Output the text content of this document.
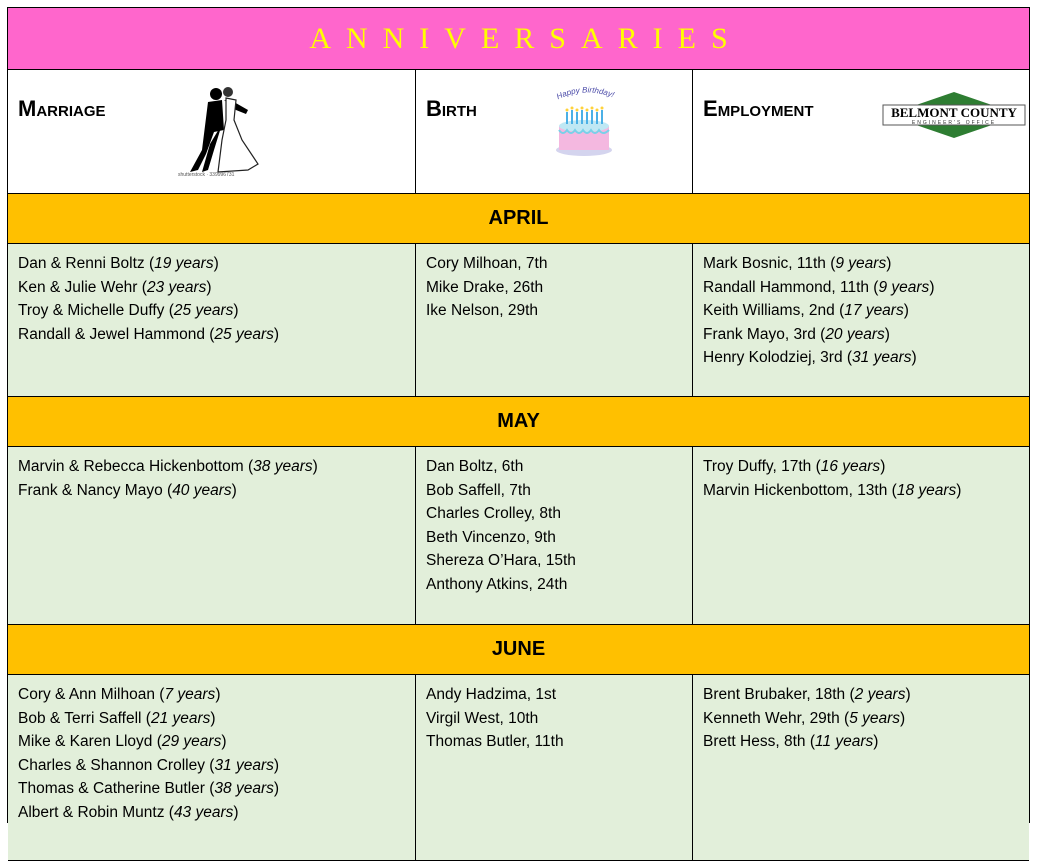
ANNIVERSARIES
Marriage
shutterstock · 339996731
Birth
Happy Birthday!
Employment	BELMONT COUNTY
ENGINEER'S OFFICE
APRIL
Dan & Renni Boltz (19 years)
Ken & Julie Wehr (23 years)
Troy & Michelle Duffy (25 years)
Randall & Jewel Hammond (25 years)
Cory Milhoan, 7th
Mike Drake, 26th
Ike Nelson, 29th
Mark Bosnic, 11th (9 years)
Randall Hammond, 11th (9 years)
Keith Williams, 2nd (17 years)
Frank Mayo, 3rd (20 years)
Henry Kolodziej, 3rd (31 years)
MAY
Marvin & Rebecca Hickenbottom (38 years)
Frank & Nancy Mayo (40 years)
Dan Boltz, 6th
Bob Saffell, 7th
Charles Crolley, 8th
Beth Vincenzo, 9th
Shereza O’Hara, 15th
Anthony Atkins, 24th
Troy Duffy, 17th (16 years)
Marvin Hickenbottom, 13th (18 years)
JUNE
Cory & Ann Milhoan (7 years)
Bob & Terri Saffell (21 years)
Mike & Karen Lloyd (29 years)
Charles & Shannon Crolley (31 years)
Thomas & Catherine Butler (38 years)
Albert & Robin Muntz (43 years)
Andy Hadzima, 1st
Virgil West, 10th
Thomas Butler, 11th
Brent Brubaker, 18th (2 years)
Kenneth Wehr, 29th (5 years)
Brett Hess, 8th (11 years)
